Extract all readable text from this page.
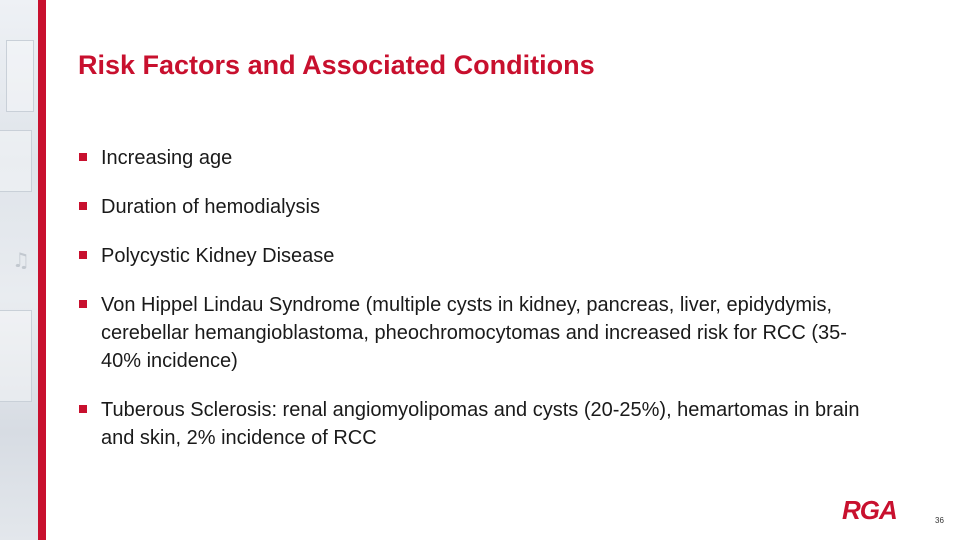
♫
Risk Factors and Associated Conditions
Increasing age
Duration of hemodialysis
Polycystic Kidney Disease
Von Hippel Lindau Syndrome (multiple cysts in kidney, pancreas, liver, epidydymis, cerebellar hemangioblastoma, pheochromocytomas and increased risk for RCC (35-40% incidence)
Tuberous Sclerosis: renal angiomyolipomas and cysts (20-25%), hemartomas in brain and skin, 2% incidence of RCC
RGA	36
